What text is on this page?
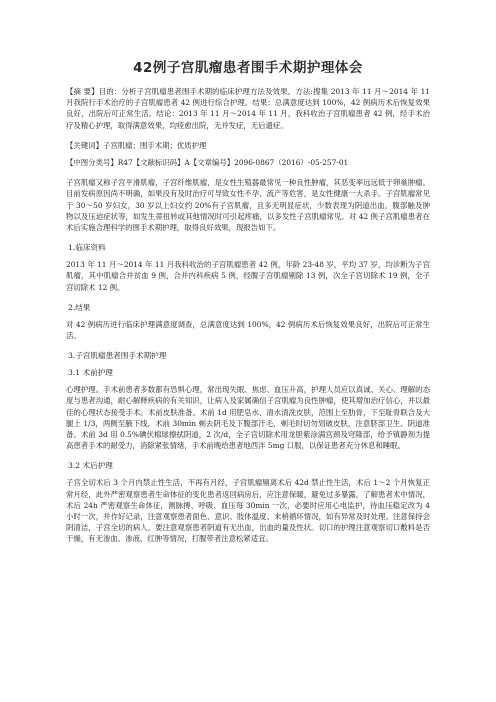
42例子宫肌瘤患者围手术期护理体会

【摘 要】目的：分析子宫肌瘤患者围手术期的临床护理方法及效果。方法:搜集 2013 年 11 月～2014 年 11 月我院行手术治疗的子宫肌瘤患者 42 例进行综合护理。结果：总满意度达到 100%，42 例病历术后恢复效果良好，出院后可正常生活。结论：2013 年 11 月～2014 年 11 月，我科收治子宫肌瘤患者 42 例，经手术治疗及精心护理，取得满意效果，均痊愈出院，无并发症，无后遗症。

【关键词】子宫肌瘤；围手术期；优质护理

【中图分类号】R47【文献标识码】A【文章编号】2096-0867（2016）-05-257-01

子宫肌瘤又称子宫平滑肌瘤，子宫纤维肌瘤，是女性生殖器最常见一种良性肿瘤，其恶变率远远低于卵巢肿瘤。目前发病原因尚不明确，如果没有及时治疗可导致女性不孕、流产等危害，是女性健康一大杀手。子宫肌瘤常见于 30～50 岁妇女，30 岁以上妇女约 20%有子宫肌瘤，且多无明显症状，少数表现为阴道出血，腹部触及肿物以及压迫症状等，如发生蒂扭转或其他情况时可引起疼痛，以多发性子宫肌瘤常见。对 42 例子宫肌瘤患者在术后实施合理科学的围手术期护理，取得良好效果，现报告如下。

1.临床资料

2013 年 11 月～2014 年 11 月我科收治的子宫肌瘤患者 42 例，年龄 23-48 岁，平均 37 岁，均诊断为子宫肌瘤，其中肌瘤合并贫血 9 例，合并内科疾病 5 例，经腹子宫肌瘤剔除 13 例，次全子宫切除术 19 例，全子宫切除术 12 例。

2.结果

对 42 例病历进行临床护理满意度调查，总满意度达到 100%，42 例病历术后恢复效果良好，出院后可正常生活。

3.子宫肌瘤患者围手术期护理
3.1 术前护理

心理护理。手术前患者多数都有恐惧心理，常出现失眠、焦虑、血压升高，护理人员应以真诚、关心、理解的态度与患者沟通，耐心解释疾病的有关知识，让病人及家属确信子宫肌瘤为良性肿瘤，使其增加治疗信心，并以最佳的心理状态接受手术。术前皮肤准备。术前 1d 用肥皂水、清水清洗皮肤，范围上至肋骨，下至耻骨联合及大腿上 1/3，两侧至腋下线，术前 30min 剃去阴毛及下腹部汗毛，剃毛时切勿划破皮肤，注意脐部卫生。阴道准备。术前 3d 用 0.5%碘伏棉球擦拭阴道，2 次/d，全子宫切除术用龙胆紫涂满宫颈及穹隆部，给予镇静剂为提高患者手术的耐受力，消除紧张情绪，手术前晚给患者地西泮 5mg 口服，以保证患者充分休息和睡眠。

3.2 术后护理

子宫全切术后 3 个月内禁止性生活，不再有月经，子宫肌瘤剔离术后 42d 禁止性生活，术后 1～2 个月恢复正常月经，此外严密观察患者生命体征的变化患者返回病房后，应注意保暖，避免过多暴露，了解患者术中情况，术后 24h 严密观察生命体征，测脉搏、呼吸、血压每 30min 一次，必要时应用心电监护，待血压稳定改为 4 小时一次，并作好记录，注意观察患者面色、意识、肢体温度、末梢循环情况，如有异常及时处理。注意保持会阴清洁，子宫全切的病人，要注意观察患者阴道有无出血，出血的量及性状。切口的护理注意观察切口敷料是否干燥，有无渗血、渗液、红肿等情况，打腹带者注意松紧适宜。
